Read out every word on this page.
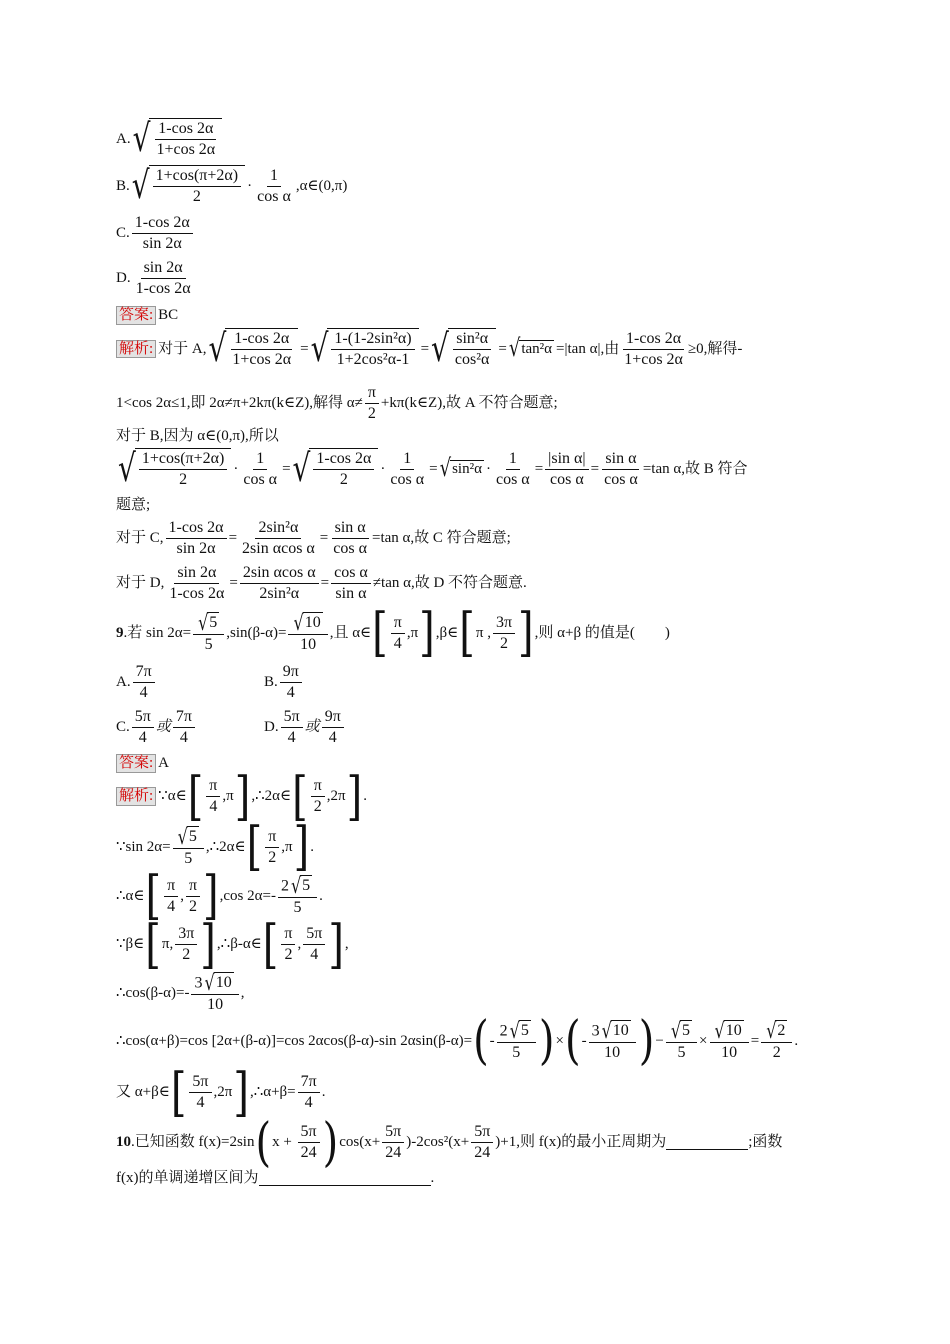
A. √ $\frac{1-\cos 2\alpha}{1+\cos 2\alpha}$
B. √ $\frac{1+\cos(\pi+2\alpha)}{2} \cdot \frac{1}{\text{cos α}}$ ,α∈(0,π)
C. $\frac{1-\cos 2\alpha}{\sin 2\alpha}$
D. $\frac{\sin 2\alpha}{1-\cos 2\alpha}$
答案: BC
解析: 对于 A, √ $\frac{1-\cos 2\alpha}{1+\cos 2\alpha}$ = √ $\frac{\text{1-(1-2sin²α)}}{\text{1+2cos²α-1}}$ = √ $\frac{\text{sin²α}}{\text{cos²α}}$ = √ tan²α =|tan α|,由 $\frac{1-\cos 2\alpha}{1+\cos 2\alpha} \ge 0$,解得-
1<cos 2α≤1,即 2α≠π+2kπ(k∈Z),解得 $\alpha\ne \frac{\pi}{2}$ +kπ(k∈Z),故 A 不符合题意;
对于 B,因为 α∈(0,π),所以
√ $\frac{1+\cos(\pi+2\alpha)}{2} \cdot \frac{1}{\text{cos α}}$ = √ $\frac{1-\cos 2\alpha}{2} \cdot \frac{1}{\text{cos α}}$ = √ $\sin^2\alpha \cdot \frac{1}{\text{cos α}} = \frac{\text{|sin α|}}{\text{cos α}} = \frac{\text{sin α}}{\text{cos α}} =\tan$ α,故 B 符合
题意;
对于 C, $\frac{1-\cos 2\alpha}{\sin 2\alpha} = \frac{\text{2sin²α}}{\text{2sin αcos α}} = \frac{\text{sin α}}{\text{cos α}} =\tan$ α,故 C 符合题意;
对于 D, $\frac{\sin 2\alpha}{1-\cos 2\alpha} = \frac{\text{2sin αcos α}}{\text{2sin²α}} = \frac{\text{cos α}}{\text{sin α}} \ne\tan$ α,故 D 不符合题意.
9 .若 $\sin 2\alpha= \frac{√ 5}{5} ,\sin(\beta-\alpha)= \frac{√ 10}{10}$ ,且 α∈ [ $\frac{\pi}{4} ,\pi$ ] ,β∈ [ π , $\frac{3\pi}{2}$ ] ,则 α+β 的值是(        )
A. $\frac{7\pi}{4}$	B. $\frac{9\pi}{4}$
C. $\frac{5\pi}{4}$ 或 $\frac{7\pi}{4}$	D. $\frac{5\pi}{4}$ 或 $\frac{9\pi}{4}$
答案: A
解析: ∵α∈ [ $\frac{\pi}{4}$ , π ] ,∴2α∈ [ $\frac{\pi}{2}$ , 2π ] .
∵sin $2\alpha= \frac{√ 5}{5}$ ,∴2α∈ [ $\frac{\pi}{2}$ , π ] .
∴α∈ [ $\frac{\pi}{4}$ , $\frac{\pi}{2}$ ] ,cos $2\alpha=- \frac{2 √ 5}{5}$ .
∵β∈ [ π , $\frac{3\pi}{2}$ ] ,∴β-α∈ [ $\frac{\pi}{2}$ , $\frac{5\pi}{4}$ ] ,
∴cos(β-α)=- $\frac{3 √ 10}{10}$ ,
∴cos(α+β)=cos [2α+(β-α)]=cos 2αcos(β-α)-sin 2αsin(β-α)= ( - $\frac{2 √ 5}{5}$ ) × ( - $\frac{3 √ 10}{10}$ ) − $\frac{√ 5}{5} \times \frac{√ 10}{10} = \frac{√ 2}{2}$ .
又 α+β∈ [ $\frac{5\pi}{4}$ , 2π ] ,∴α+β= $\frac{7\pi}{4}$ .
10 .已知函数 f(x)=2sin ( $x + \frac{5\pi}{24}$ ) $\cos(x+ \frac{5\pi}{24} )-2\cos^2(x+ \frac{5\pi}{24} )+1$,则 f(x)的最小正周期为	;函数
f(x)的单调递增区间为	.
